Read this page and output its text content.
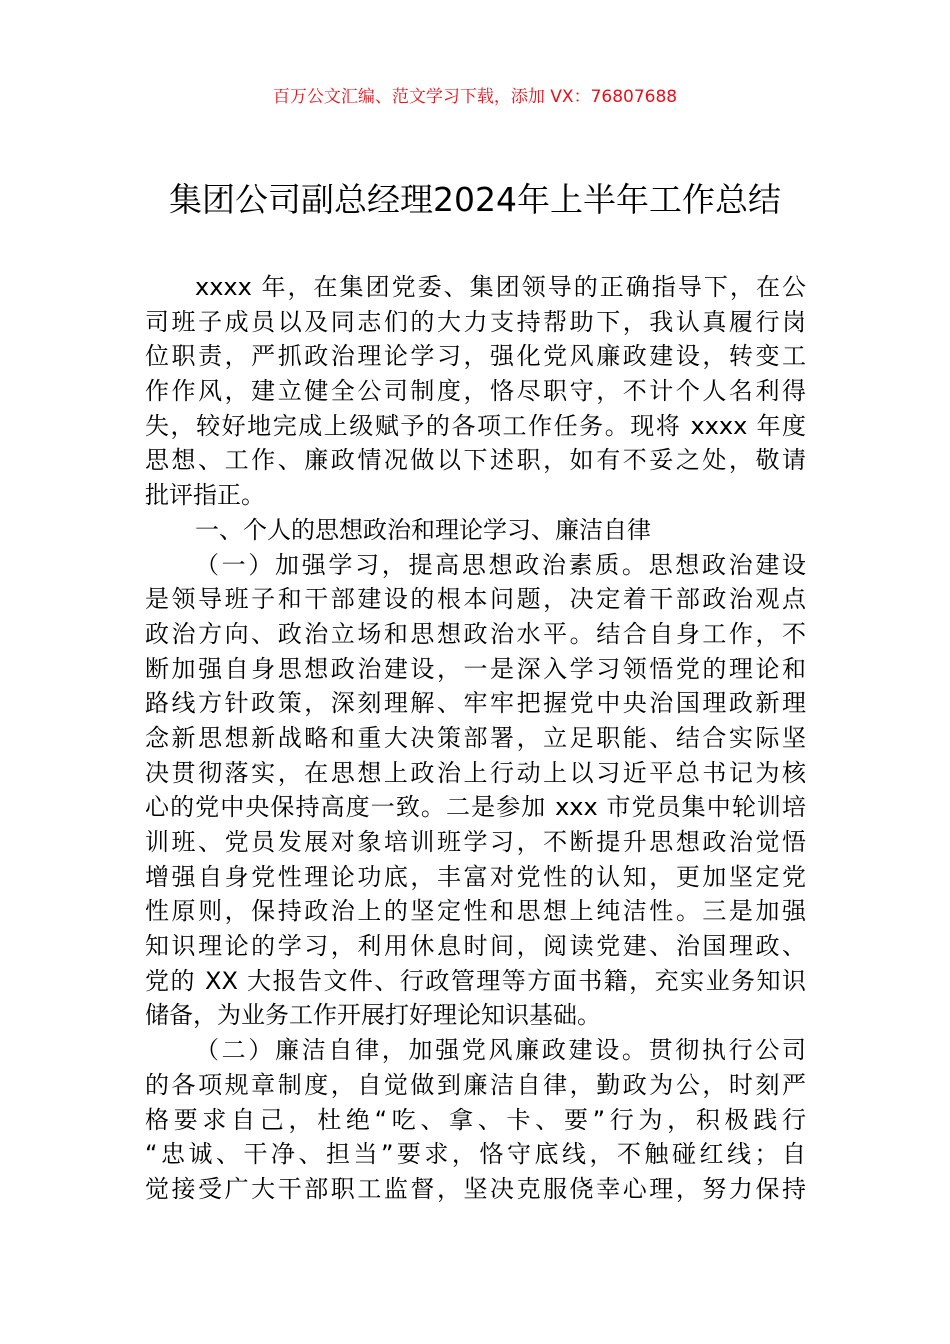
百万公文汇编、范文学习下载，添加 VX：76807688
集团公司副总经理2024年上半年工作总结
xxxx 年，在集团党委、集团领导的正确指导下，在公
司班子成员以及同志们的大力支持帮助下，我认真履行岗
位职责，严抓政治理论学习，强化党风廉政建设，转变工
作作风，建立健全公司制度，恪尽职守，不计个人名利得
失，较好地完成上级赋予的各项工作任务。现将 xxxx 年度
思想、工作、廉政情况做以下述职，如有不妥之处，敬请
批评指正。
一、个人的思想政治和理论学习、廉洁自律
（一）加强学习，提高思想政治素质。思想政治建设
是领导班子和干部建设的根本问题，决定着干部政治观点
政治方向、政治立场和思想政治水平。结合自身工作，不
断加强自身思想政治建设，一是深入学习领悟党的理论和
路线方针政策，深刻理解、牢牢把握党中央治国理政新理
念新思想新战略和重大决策部署，立足职能、结合实际坚
决贯彻落实，在思想上政治上行动上以习近平总书记为核
心的党中央保持高度一致。二是参加 xxx 市党员集中轮训培
训班、党员发展对象培训班学习，不断提升思想政治觉悟
增强自身党性理论功底，丰富对党性的认知，更加坚定党
性原则，保持政治上的坚定性和思想上纯洁性。三是加强
知识理论的学习，利用休息时间，阅读党建、治国理政、
党的 XX 大报告文件、行政管理等方面书籍，充实业务知识
储备，为业务工作开展打好理论知识基础。
（二）廉洁自律，加强党风廉政建设。贯彻执行公司
的各项规章制度，自觉做到廉洁自律，勤政为公，时刻严
格要求自己，杜绝“吃、拿、卡、要”行为，积极践行
“忠诚、干净、担当”要求，恪守底线，不触碰红线；自
觉接受广大干部职工监督，坚决克服侥幸心理，努力保持
